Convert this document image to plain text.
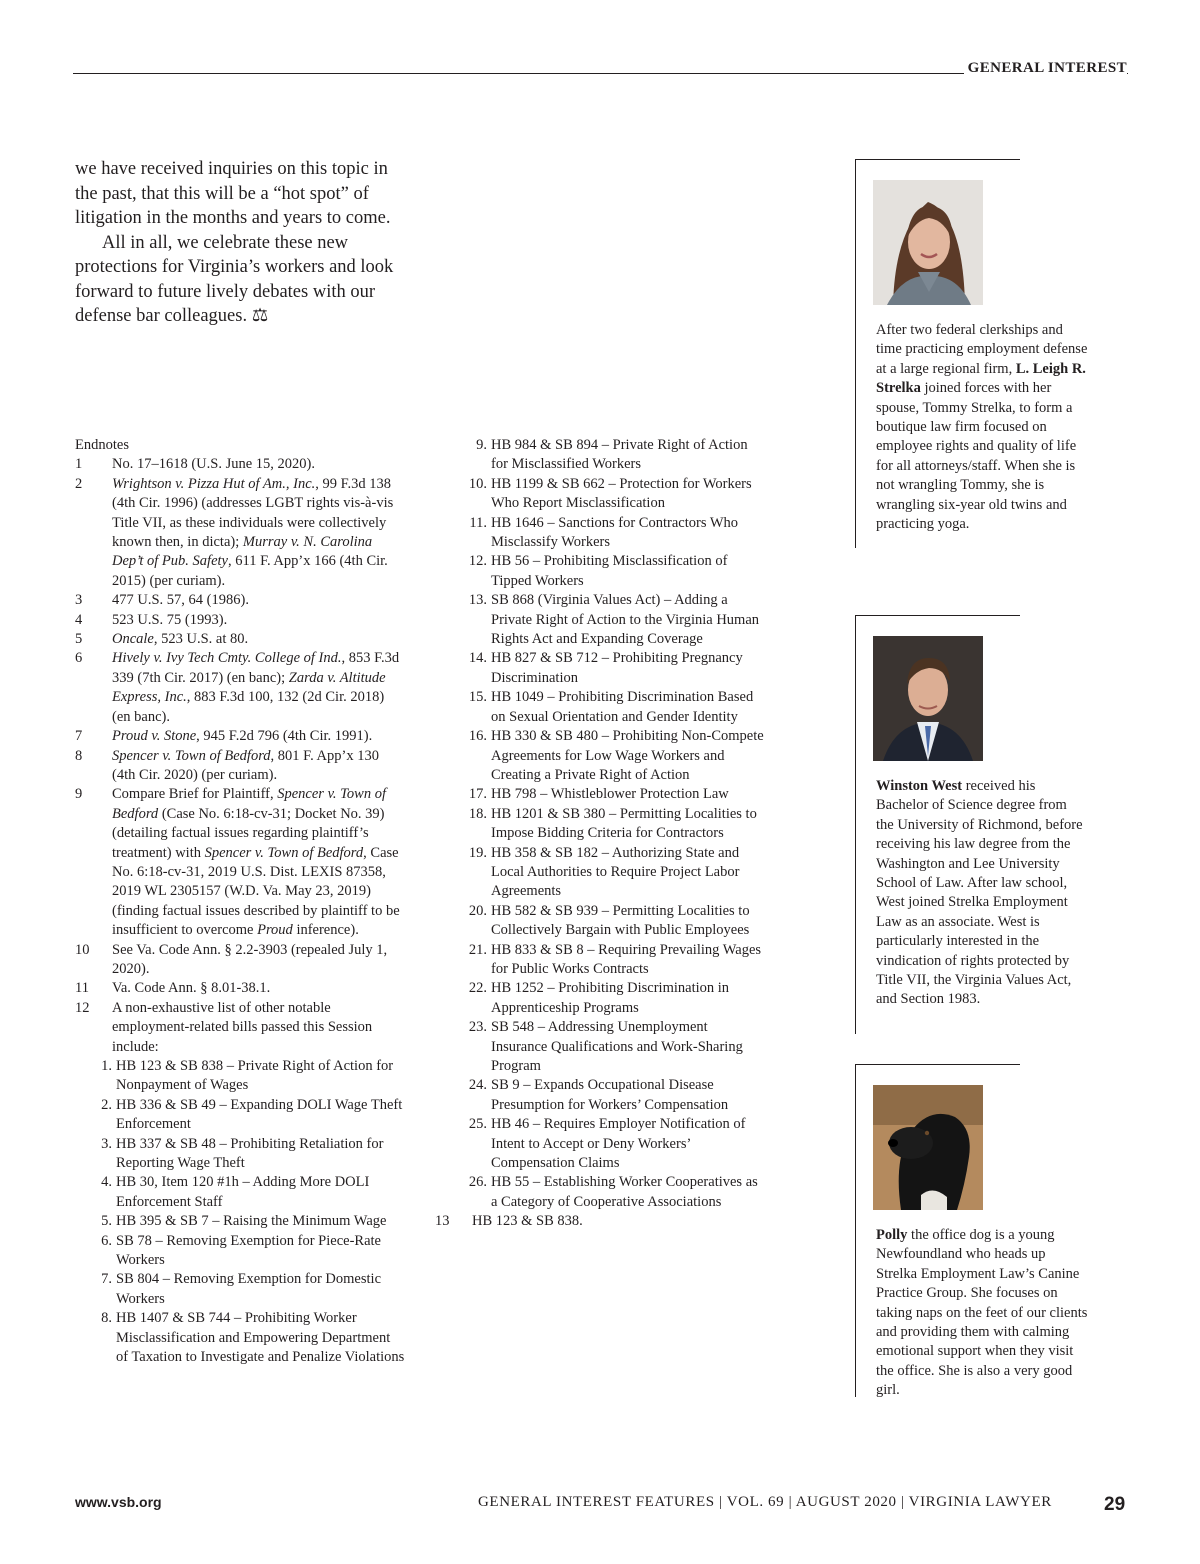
GENERAL INTEREST

we have received inquiries on this topic in the past, that this will be a “hot spot” of litigation in the months and years to come.

All in all, we celebrate these new protections for Virginia’s workers and look forward to future lively debates with our defense bar colleagues. ⚖

Endnotes

1	No. 17–1618 (U.S. June 15, 2020).
2	Wrightson v. Pizza Hut of Am., Inc., 99 F.3d 138 (4th Cir. 1996) (addresses LGBT rights vis-à-vis Title VII, as these individuals were collectively known then, in dicta); Murray v. N. Carolina Dep’t of Pub. Safety, 611 F. App’x 166 (4th Cir. 2015) (per curiam).
3	477 U.S. 57, 64 (1986).
4	523 U.S. 75 (1993).
5	Oncale, 523 U.S. at 80.
6	Hively v. Ivy Tech Cmty. College of Ind., 853 F.3d 339 (7th Cir. 2017) (en banc); Zarda v. Altitude Express, Inc., 883 F.3d 100, 132 (2d Cir. 2018) (en banc).
7	Proud v. Stone, 945 F.2d 796 (4th Cir. 1991).
8	Spencer v. Town of Bedford, 801 F. App’x 130 (4th Cir. 2020) (per curiam).
9	Compare Brief for Plaintiff, Spencer v. Town of Bedford (Case No. 6:18-cv-31; Docket No. 39) (detailing factual issues regarding plaintiff’s treatment) with Spencer v. Town of Bedford, Case No. 6:18-cv-31, 2019 U.S. Dist. LEXIS 87358, 2019 WL 2305157 (W.D. Va. May 23, 2019) (finding factual issues described by plaintiff to be insufficient to overcome Proud inference).
10	See Va. Code Ann. § 2.2-3903 (repealed July 1, 2020).
11	Va. Code Ann. § 8.01-38.1.
12	A non-exhaustive list of other notable employment-related bills passed this Session include:
1. HB 123 & SB 838 – Private Right of Action for Nonpayment of Wages
2. HB 336 & SB 49 – Expanding DOLI Wage Theft Enforcement
3. HB 337 & SB 48 – Prohibiting Retaliation for Reporting Wage Theft
4. HB 30, Item 120 #1h – Adding More DOLI Enforcement Staff
5. HB 395 & SB 7 – Raising the Minimum Wage
6. SB 78 – Removing Exemption for Piece-Rate Workers
7. SB 804 – Removing Exemption for Domestic Workers
8. HB 1407 & SB 744 – Prohibiting Worker Misclassification and Empowering Department of Taxation to Investigate and Penalize Violations
9. HB 984 & SB 894 – Private Right of Action for Misclassified Workers
10. HB 1199 & SB 662 – Protection for Workers Who Report Misclassification
11. HB 1646 – Sanctions for Contractors Who Misclassify Workers
12. HB 56 – Prohibiting Misclassification of Tipped Workers
13. SB 868 (Virginia Values Act) – Adding a Private Right of Action to the Virginia Human Rights Act and Expanding Coverage
14. HB 827 & SB 712 – Prohibiting Pregnancy Discrimination
15. HB 1049 – Prohibiting Discrimination Based on Sexual Orientation and Gender Identity
16. HB 330 & SB 480 – Prohibiting Non-Compete Agreements for Low Wage Workers and Creating a Private Right of Action
17. HB 798 – Whistleblower Protection Law
18. HB 1201 & SB 380 – Permitting Localities to Impose Bidding Criteria for Contractors
19. HB 358 & SB 182 – Authorizing State and Local Authorities to Require Project Labor Agreements
20. HB 582 & SB 939 – Permitting Localities to Collectively Bargain with Public Employees
21. HB 833 & SB 8 – Requiring Prevailing Wages for Public Works Contracts
22. HB 1252 – Prohibiting Discrimination in Apprenticeship Programs
23. SB 548 – Addressing Unemployment Insurance Qualifications and Work-Sharing Program
24. SB 9 – Expands Occupational Disease Presumption for Workers’ Compensation
25. HB 46 – Requires Employer Notification of Intent to Accept or Deny Workers’ Compensation Claims
26. HB 55 – Establishing Worker Cooperatives as a Category of Cooperative Associations
13	HB 123 & SB 838.
After two federal clerkships and time practicing employment defense at a large regional firm, L. Leigh R. Strelka joined forces with her spouse, Tommy Strelka, to form a boutique law firm focused on employee rights and quality of life for all attorneys/staff. When she is not wrangling Tommy, she is wrangling six-year old twins and practicing yoga.
Winston West received his Bachelor of Science degree from the University of Richmond, before receiving his law degree from the Washington and Lee University School of Law. After law school, West joined Strelka Employment Law as an associate. West is particularly interested in the vindication of rights protected by Title VII, the Virginia Values Act, and Section 1983.
Polly the office dog is a young Newfoundland who heads up Strelka Employment Law’s Canine Practice Group. She focuses on taking naps on the feet of our clients and providing them with calming emotional support when they visit the office. She is also a very good girl.
www.vsb.org	GENERAL INTEREST FEATURES | VOL. 69 | AUGUST 2020 | VIRGINIA LAWYER	29
